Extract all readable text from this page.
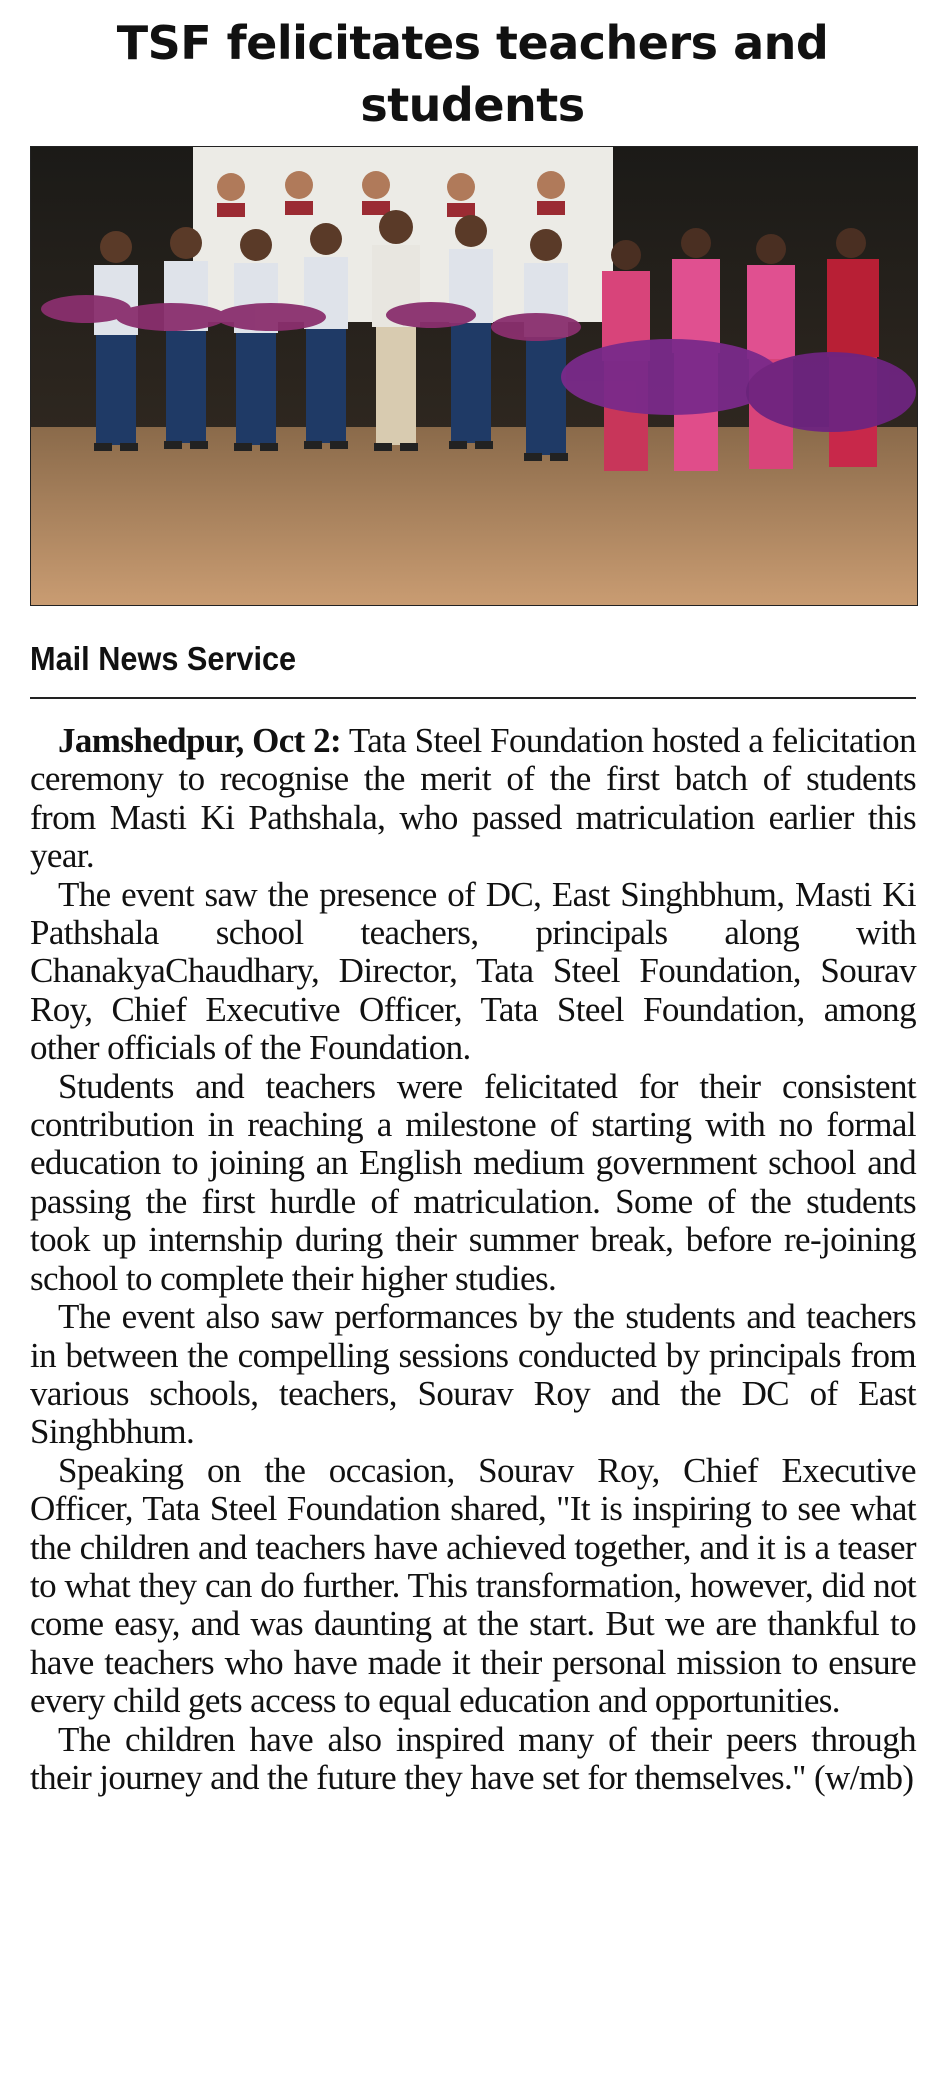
TSF felicitates teachers and students

Mail News Service

Jamshedpur, Oct 2: Tata Steel Foundation hosted a felicitation ceremony to recognise the merit of the first batch of students from Masti Ki Pathshala, who passed matriculation earlier this year.

The event saw the presence of DC, East Singhbhum, Masti Ki Pathshala school teachers, principals along with ChanakyaChaudhary, Director, Tata Steel Foundation, Sourav Roy, Chief Executive Officer, Tata Steel Foundation, among other officials of the Foundation.

Students and teachers were felicitated for their consistent contribution in reaching a milestone of starting with no formal education to joining an English medium government school and passing the first hurdle of matriculation. Some of the students took up internship during their summer break, before re-joining school to complete their higher studies.

The event also saw performances by the students and teachers in between the compelling sessions conducted by principals from various schools, teachers, Sourav Roy and the DC of East Singhbhum.

Speaking on the occasion, Sourav Roy, Chief Executive Officer, Tata Steel Foundation shared, "It is inspiring to see what the children and teachers have achieved together, and it is a teaser to what they can do further. This transformation, however, did not come easy, and was daunting at the start. But we are thankful to have teachers who have made it their personal mission to ensure every child gets access to equal education and opportunities.

The children have also inspired many of their peers through their journey and the future they have set for themselves." (w/mb)
